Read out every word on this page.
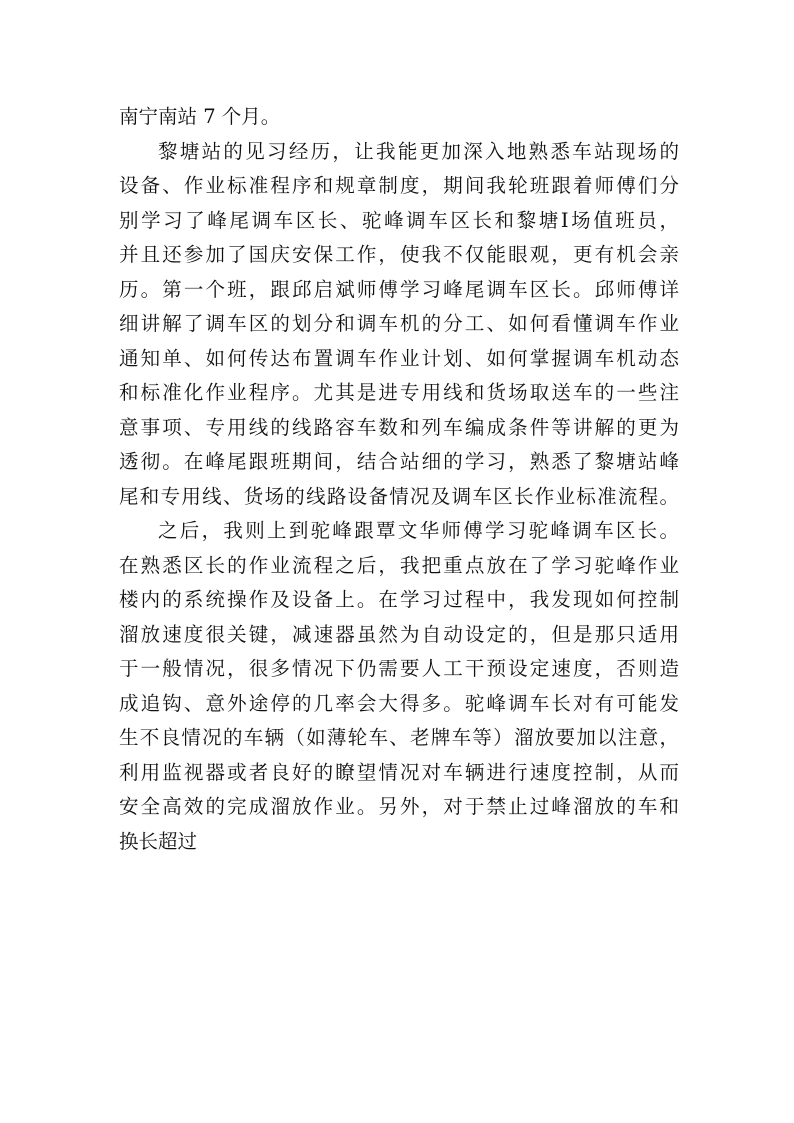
南宁南站 7 个月。
黎塘站的见习经历，让我能更加深入地熟悉车站现场的
设备、作业标准程序和规章制度，期间我轮班跟着师傅们分
别学习了峰尾调车区长、驼峰调车区长和黎塘Ⅰ场值班员，
并且还参加了国庆安保工作，使我不仅能眼观，更有机会亲
历。第一个班，跟邱启斌师傅学习峰尾调车区长。邱师傅详
细讲解了调车区的划分和调车机的分工、如何看懂调车作业
通知单、如何传达布置调车作业计划、如何掌握调车机动态
和标准化作业程序。尤其是进专用线和货场取送车的一些注
意事项、专用线的线路容车数和列车编成条件等讲解的更为
透彻。在峰尾跟班期间，结合站细的学习，熟悉了黎塘站峰
尾和专用线、货场的线路设备情况及调车区长作业标准流程。
之后，我则上到驼峰跟覃文华师傅学习驼峰调车区长。
在熟悉区长的作业流程之后，我把重点放在了学习驼峰作业
楼内的系统操作及设备上。在学习过程中，我发现如何控制
溜放速度很关键，减速器虽然为自动设定的，但是那只适用
于一般情况，很多情况下仍需要人工干预设定速度，否则造
成追钩、意外途停的几率会大得多。驼峰调车长对有可能发
生不良情况的车辆（如薄轮车、老牌车等）溜放要加以注意，
利用监视器或者良好的瞭望情况对车辆进行速度控制，从而
安全高效的完成溜放作业。另外，对于禁止过峰溜放的车和
换长超过
